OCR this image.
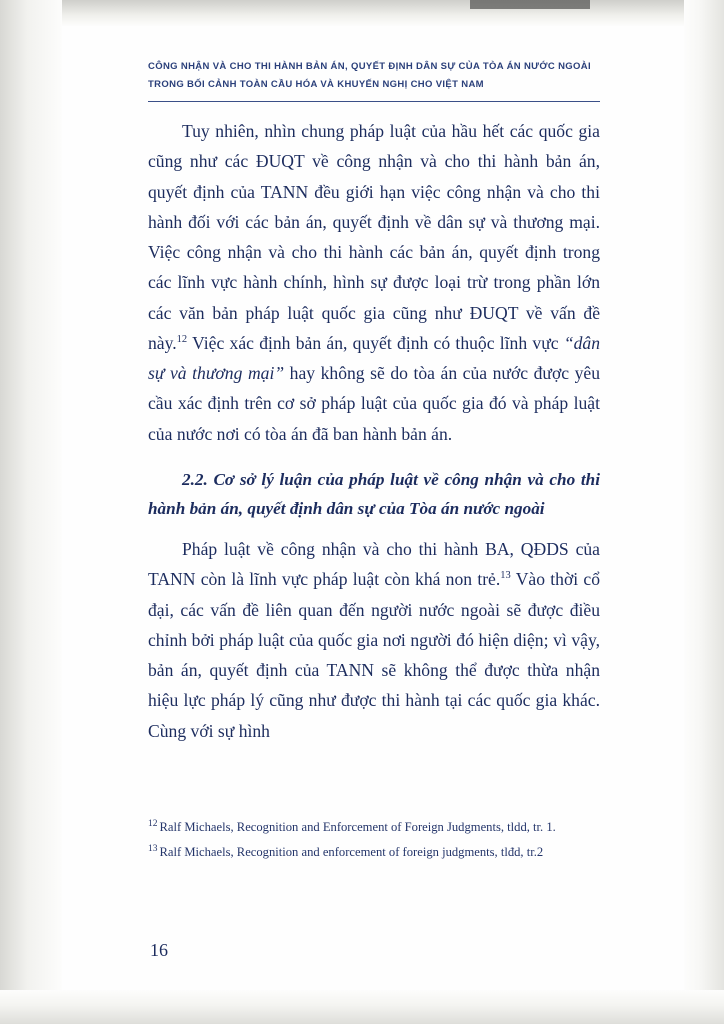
CÔNG NHẬN VÀ CHO THI HÀNH BẢN ÁN, QUYẾT ĐỊNH DÂN SỰ CỦA TÒA ÁN NƯỚC NGOÀI
TRONG BỐI CẢNH TOÀN CẦU HÓA VÀ KHUYẾN NGHỊ CHO VIỆT NAM

Tuy nhiên, nhìn chung pháp luật của hầu hết các quốc gia cũng như các ĐUQT về công nhận và cho thi hành bản án, quyết định của TANN đều giới hạn việc công nhận và cho thi hành đối với các bản án, quyết định về dân sự và thương mại. Việc công nhận và cho thi hành các bản án, quyết định trong các lĩnh vực hành chính, hình sự được loại trừ trong phần lớn các văn bản pháp luật quốc gia cũng như ĐUQT về vấn đề này.$^{12}$ Việc xác định bản án, quyết định có thuộc lĩnh vực “dân sự và thương mại” hay không sẽ do tòa án của nước được yêu cầu xác định trên cơ sở pháp luật của quốc gia đó và pháp luật của nước nơi có tòa án đã ban hành bản án.

2.2. Cơ sở lý luận của pháp luật về công nhận và cho thi hành bản án, quyết định dân sự của Tòa án nước ngoài

Pháp luật về công nhận và cho thi hành BA, QĐDS của TANN còn là lĩnh vực pháp luật còn khá non trẻ.$^{13}$ Vào thời cổ đại, các vấn đề liên quan đến người nước ngoài sẽ được điều chỉnh bởi pháp luật của quốc gia nơi người đó hiện diện; vì vậy, bản án, quyết định của TANN sẽ không thể được thừa nhận hiệu lực pháp lý cũng như được thi hành tại các quốc gia khác. Cùng với sự hình

$^{12}$ Ralf Michaels, Recognition and Enforcement of Foreign Judgments, tldd, tr. 1.

$^{13}$ Ralf Michaels, Recognition and enforcement of foreign judgments, tlđd, tr.2

16
